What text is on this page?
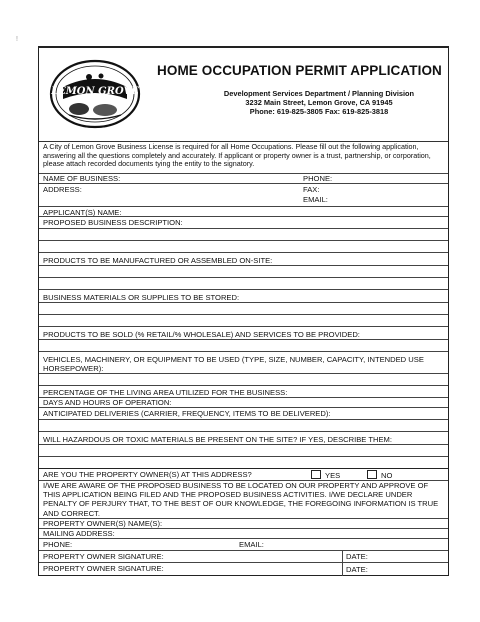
!
LEMON GROVE
HOME OCCUPATION PERMIT APPLICATION
Development Services Department / Planning Division
3232 Main Street, Lemon Grove, CA 91945
Phone: 619-825-3805 Fax: 619-825-3818
A City of Lemon Grove Business License is required for all Home Occupations. Please fill out the following application, answering all the questions completely and accurately. If applicant or property owner is a trust, partnership, or corporation, please attach recorded documents tying the entity to the signatory.
NAME OF BUSINESS:	PHONE:
ADDRESS:	FAX:
EMAIL:
APPLICANT(S) NAME:
PROPOSED BUSINESS DESCRIPTION:
PRODUCTS TO BE MANUFACTURED OR ASSEMBLED ON-SITE:
BUSINESS MATERIALS OR SUPPLIES TO BE STORED:
PRODUCTS TO BE SOLD (% RETAIL/% WHOLESALE) AND SERVICES TO BE PROVIDED:
VEHICLES, MACHINERY, OR EQUIPMENT TO BE USED (TYPE, SIZE, NUMBER, CAPACITY, INTENDED USE HORSEPOWER):
PERCENTAGE OF THE LIVING AREA UTILIZED FOR THE BUSINESS:
DAYS AND HOURS OF OPERATION:
ANTICIPATED DELIVERIES (CARRIER, FREQUENCY, ITEMS TO BE DELIVERED):
WILL HAZARDOUS OR TOXIC MATERIALS BE PRESENT ON THE SITE? IF YES, DESCRIBE THEM:
ARE YOU THE PROPERTY OWNER(S) AT THIS ADDRESS?	YES	NO
I/WE ARE AWARE OF THE PROPOSED BUSINESS TO BE LOCATED ON OUR PROPERTY AND APPROVE OF THIS APPLICATION BEING FILED AND THE PROPOSED BUSINESS ACTIVITIES. I/WE DECLARE UNDER PENALTY OF PERJURY THAT, TO THE BEST OF OUR KNOWLEDGE, THE FOREGOING INFORMATION IS TRUE AND CORRECT.
PROPERTY OWNER(S) NAME(S):
MAILING ADDRESS:
PHONE:	EMAIL:
PROPERTY OWNER SIGNATURE:	DATE:
PROPERTY OWNER SIGNATURE:	DATE:
